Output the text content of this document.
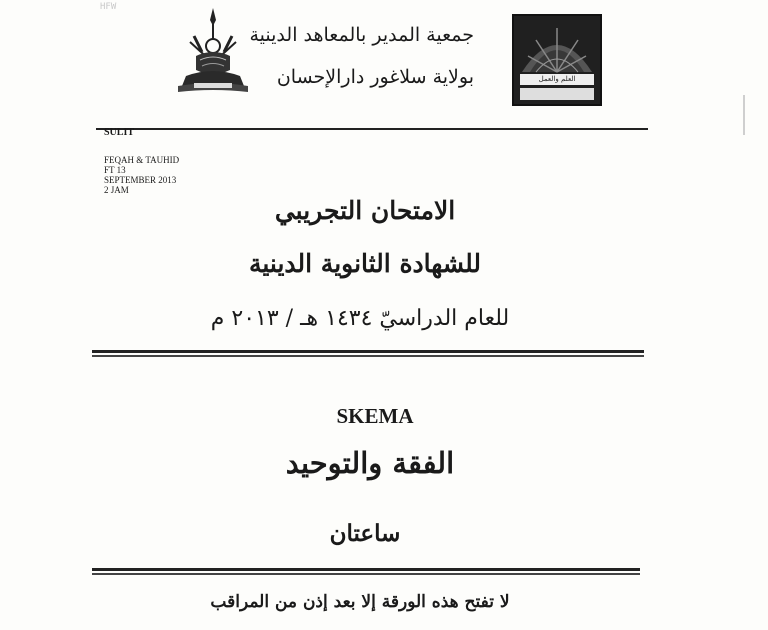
HFW
جمعية المدير بالمعاهد الدينية
بولاية سلاغور دارالإحسان	العلم والعمل
SULIT
FEQAH & TAUHID
FT 13
SEPTEMBER 2013
2 JAM
الامتحان التجريبي
للشهادة الثانوية الدينية
للعام الدراسيّ ١٤٣٤ هـ / ٢٠١٣ م
SKEMA
الفقة والتوحيد
ساعتان
لا تفتح هذه الورقة إلا بعد إذن من المراقب
